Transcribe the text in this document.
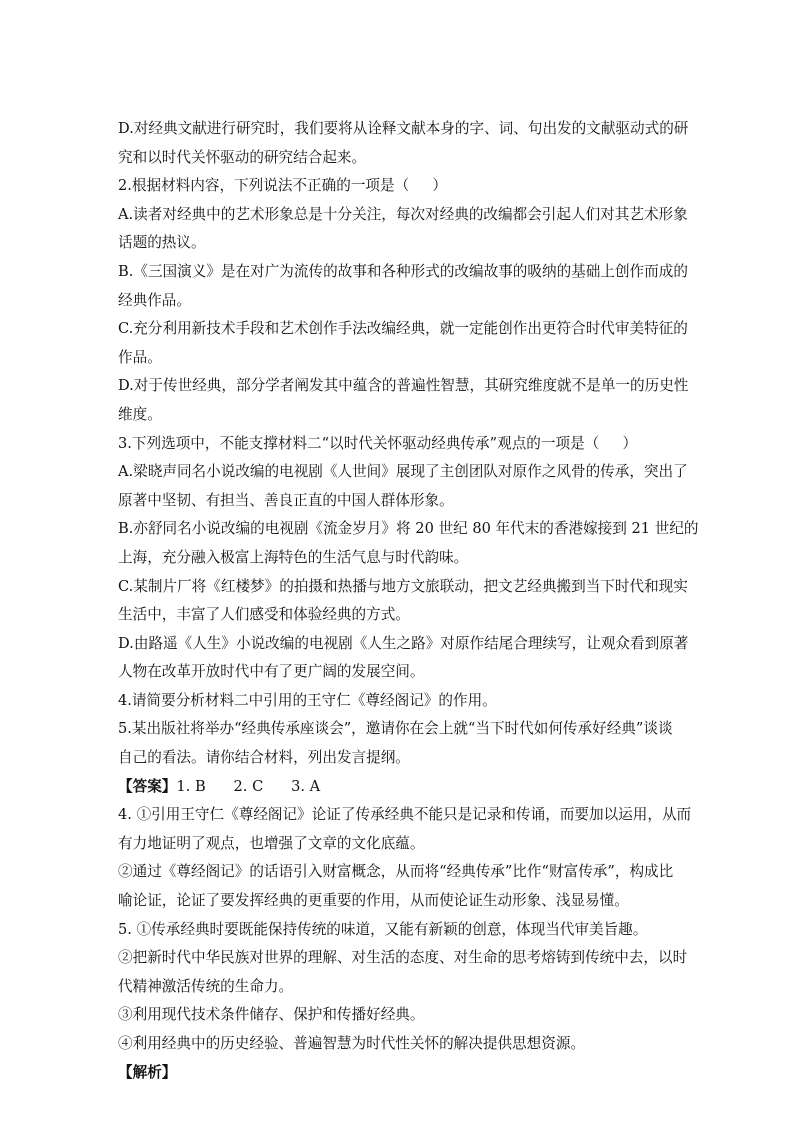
D.对经典文献进行研究时，我们要将从诠释文献本身的字、词、句出发的文献驱动式的研
究和以时代关怀驱动的研究结合起来。
2.根据材料内容，下列说法不正确的一项是（     ）
A.读者对经典中的艺术形象总是十分关注，每次对经典的改编都会引起人们对其艺术形象
话题的热议。
B.《三国演义》是在对广为流传的故事和各种形式的改编故事的吸纳的基础上创作而成的
经典作品。
C.充分利用新技术手段和艺术创作手法改编经典，就一定能创作出更符合时代审美特征的
作品。
D.对于传世经典，部分学者阐发其中蕴含的普遍性智慧，其研究维度就不是单一的历史性
维度。
3.下列选项中，不能支撑材料二“以时代关怀驱动经典传承”观点的一项是（     ）
A.梁晓声同名小说改编的电视剧《人世间》展现了主创团队对原作之风骨的传承，突出了
原著中坚韧、有担当、善良正直的中国人群体形象。
B.亦舒同名小说改编的电视剧《流金岁月》将 20 世纪 80 年代末的香港嫁接到 21 世纪的
上海，充分融入极富上海特色的生活气息与时代韵味。
C.某制片厂将《红楼梦》的拍摄和热播与地方文旅联动，把文艺经典搬到当下时代和现实
生活中，丰富了人们感受和体验经典的方式。
D.由路遥《人生》小说改编的电视剧《人生之路》对原作结尾合理续写，让观众看到原著
人物在改革开放时代中有了更广阔的发展空间。
4.请简要分析材料二中引用的王守仁《尊经阁记》的作用。
5.某出版社将举办“经典传承座谈会”，邀请你在会上就“当下时代如何传承好经典”谈谈
自己的看法。请你结合材料，列出发言提纲。
【答案】1. B      2. C      3. A
4. ①引用王守仁《尊经阁记》论证了传承经典不能只是记录和传诵，而要加以运用，从而
有力地证明了观点，也增强了文章的文化底蕴。
②通过《尊经阁记》的话语引入财富概念，从而将“经典传承”比作“财富传承”，构成比
喻论证，论证了要发挥经典的更重要的作用，从而使论证生动形象、浅显易懂。
5. ①传承经典时要既能保持传统的味道，又能有新颖的创意，体现当代审美旨趣。
②把新时代中华民族对世界的理解、对生活的态度、对生命的思考熔铸到传统中去，以时
代精神激活传统的生命力。
③利用现代技术条件储存、保护和传播好经典。
④利用经典中的历史经验、普遍智慧为时代性关怀的解决提供思想资源。
【解析】
